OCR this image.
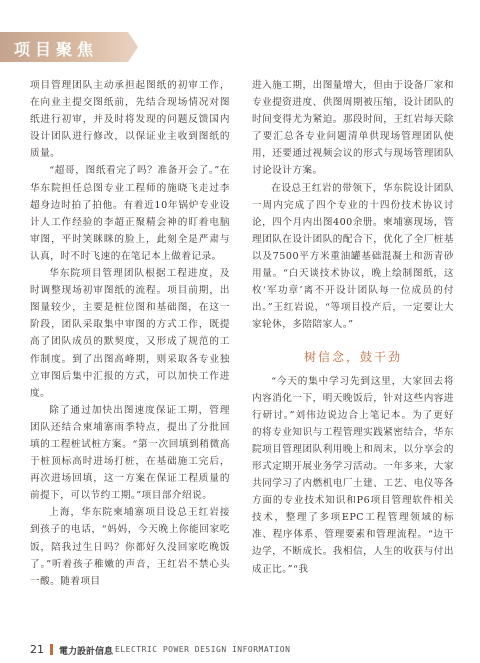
项目聚焦

项目管理团队主动承担起图纸的初审工作，在向业主提交图纸前，先结合现场情况对图纸进行初审，并及时将发现的问题反馈国内设计团队进行修改，以保证业主收到图纸的质量。

“超哥，图纸看完了吗？准备开会了。”在华东院担任总图专业工程师的施晓飞走过李超身边时拍了拍他。有着近10年锅炉专业设计人工作经验的李超正聚精会神的盯着电脑审图，平时笑眯眯的脸上，此刻全是严肃与认真，时不时飞速的在笔记本上做着记录。

华东院项目管理团队根据工程进度，及时调整现场初审图纸的流程。项目前期，出图量较少，主要是桩位图和基础图，在这一阶段，团队采取集中审图的方式工作，既提高了团队成员的默契度，又形成了规范的工作制度。到了出图高峰期，则采取各专业独立审图后集中汇报的方式，可以加快工作进度。

除了通过加快出图速度保证工期，管理团队还结合柬埔寨雨季特点，提出了分批回填的工程桩试桩方案。“第一次回填到稍微高于桩顶标高时进场打桩，在基础施工完后，再次进场回填，这一方案在保证工程质量的前提下，可以节约工期。”项目部介绍说。

上海，华东院柬埔寨项目设总王红岩接到孩子的电话，“妈妈，今天晚上你能回家吃饭，陪我过生日吗？你都好久没回家吃晚饭了。”听着孩子稚嫩的声音，王红岩不禁心头一酸。随着项目

进入施工期，出图量增大，但由于设备厂家和专业提资进度、供图周期被压缩，设计团队的时间变得尤为紧迫。那段时间，王红岩每天除了要汇总各专业问题清单供现场管理团队使用，还要通过视频会议的形式与现场管理团队讨论设计方案。

在设总王红岩的带领下，华东院设计团队一周内完成了四个专业的十四份技术协议讨论，四个月内出图400余册。柬埔寨现场，管理团队在设计团队的配合下，优化了全厂桩基以及7500平方米重油罐基础混凝土和沥青砂用量。“白天谈技术协议，晚上绘制图纸，这枚‘军功章’离不开设计团队每一位成员的付出。”王红岩说，“等项目投产后，一定要让大家轮休，多陪陪家人。”

树信念，鼓干劲

“今天的集中学习先到这里，大家回去将内容消化一下，明天晚饭后，针对这些内容进行研讨。”刘伟边说边合上笔记本。为了更好的将专业知识与工程管理实践紧密结合，华东院项目管理团队利用晚上和周末，以分享会的形式定期开展业务学习活动。一年多来，大家共同学习了内燃机电厂土建、工艺、电仪等各方面的专业技术知识和P6项目管理软件相关技术，整理了多项EPC工程管理领域的标准、程序体系、管理要素和管理流程。“边干边学，不断成长。我相信，人生的收获与付出成正比。”“我

21 電力設計信息 ELECTRIC POWER DESIGN INFORMATION
